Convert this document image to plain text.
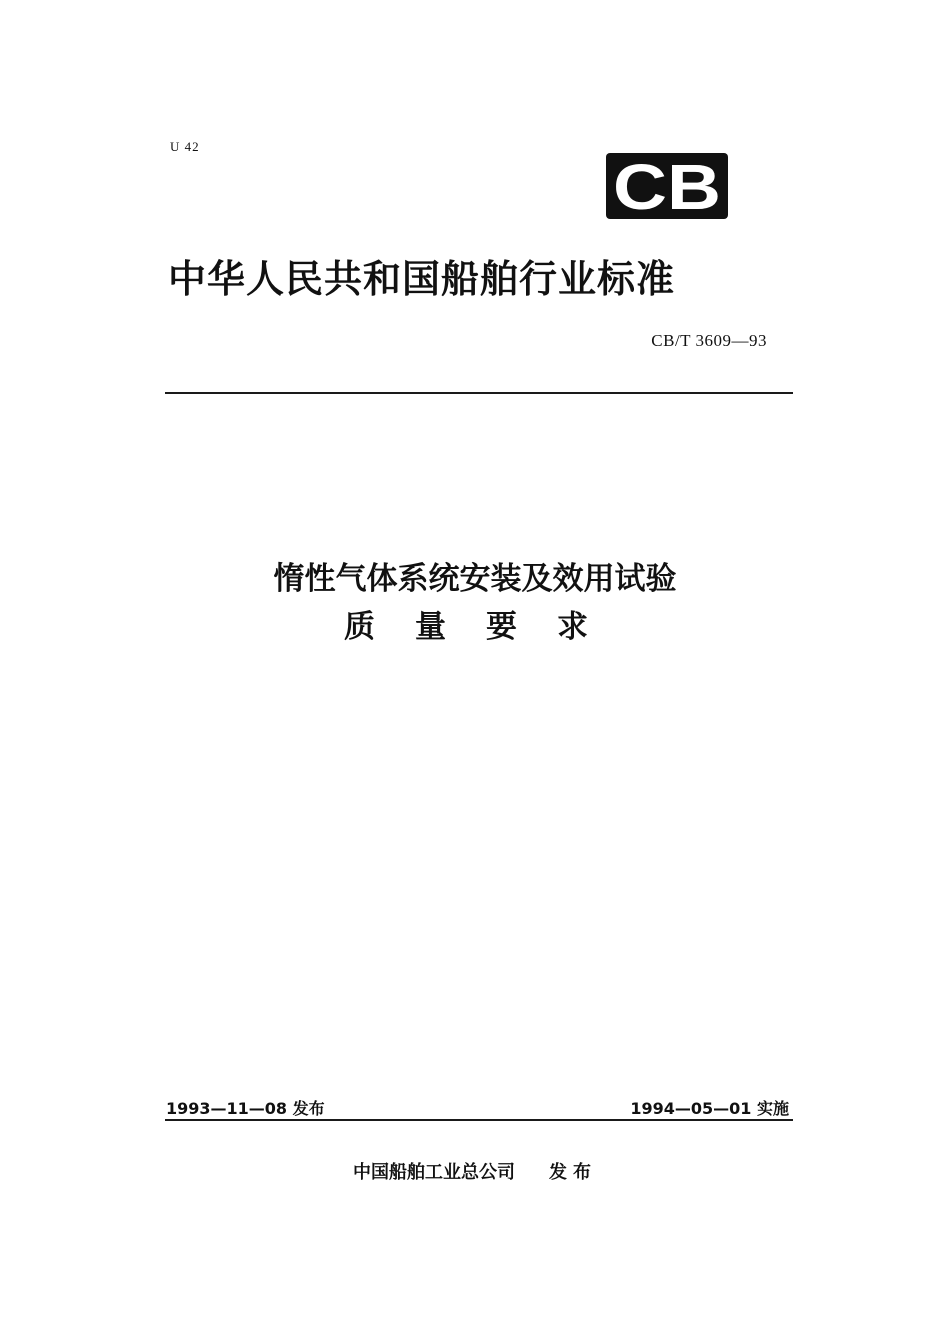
U 42
CB
中华人民共和国船舶行业标准
CB/T 3609—93
惰性气体系统安装及效用试验
质量要求
1993—11—08 发布	1994—05—01 实施
中国船舶工业总公司 发布
